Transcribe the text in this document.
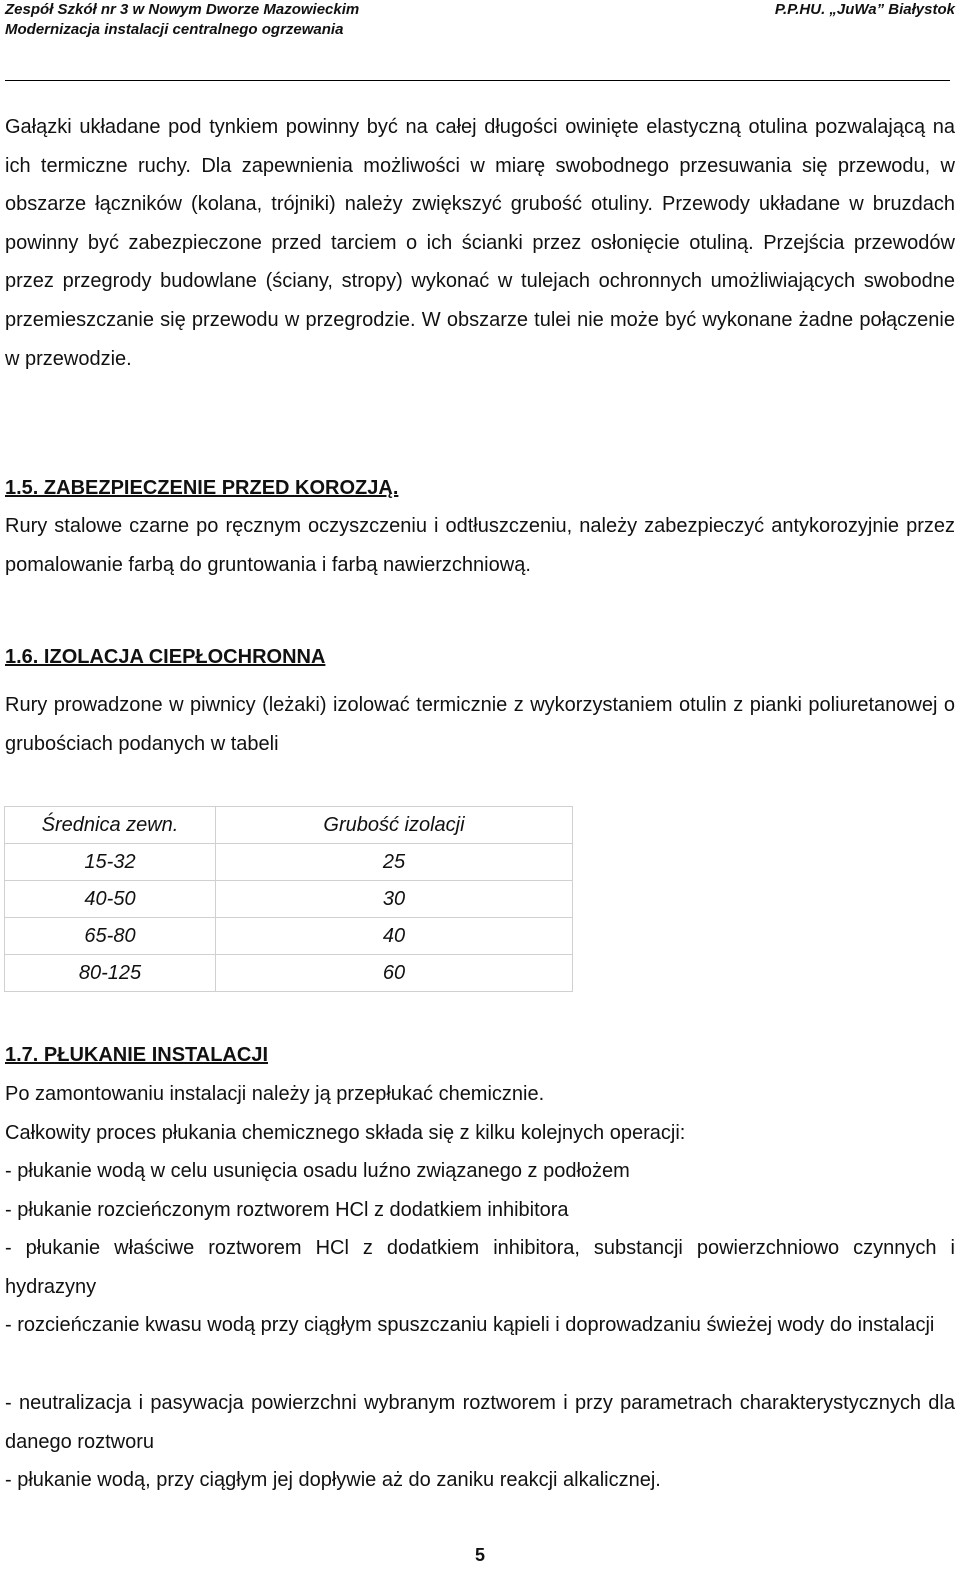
Zespół Szkół nr 3 w Nowym Dworze Mazowieckim
Modernizacja instalacji centralnego ogrzewania
P.P.HU. „JuWa” Białystok

Gałązki układane pod tynkiem powinny być na całej długości owinięte elastyczną otulina pozwalającą na ich termiczne ruchy. Dla zapewnienia możliwości w miarę swobodnego przesuwania się przewodu, w obszarze łączników (kolana, trójniki) należy zwiększyć grubość otuliny. Przewody układane w bruzdach powinny być zabezpieczone przed tarciem o ich ścianki przez osłonięcie otuliną. Przejścia przewodów przez przegrody budowlane (ściany, stropy) wykonać w tulejach ochronnych umożliwiających swobodne przemieszczanie się przewodu w przegrodzie. W obszarze tulei nie może być wykonane żadne połączenie w przewodzie.

1.5. ZABEZPIECZENIE PRZED KOROZJĄ.

Rury stalowe czarne po ręcznym oczyszczeniu i odtłuszczeniu, należy zabezpieczyć antykorozyjnie przez pomalowanie farbą do gruntowania i farbą nawierzchniową.

1.6. IZOLACJA CIEPŁOCHRONNA

Rury prowadzone w piwnicy (leżaki) izolować termicznie z wykorzystaniem otulin z pianki poliuretanowej o grubościach podanych w tabeli

Średnica zewn.	Grubość izolacji
15-32	25
40-50	30
65-80	40
80-125	60
1.7. PŁUKANIE INSTALACJI
Po zamontowaniu instalacji należy ją przepłukać chemicznie.
Całkowity proces płukania chemicznego składa się z kilku kolejnych operacji:
- płukanie wodą w celu usunięcia osadu luźno związanego z podłożem
- płukanie rozcieńczonym roztworem HCl z dodatkiem inhibitora

- płukanie właściwe roztworem HCl z dodatkiem inhibitora, substancji powierzchniowo czynnych i hydrazyny

- rozcieńczanie kwasu wodą przy ciągłym spuszczaniu kąpieli i doprowadzaniu świeżej wody do instalacji

- neutralizacja i pasywacja powierzchni wybranym roztworem i przy parametrach charakterystycznych dla danego roztworu

- płukanie wodą, przy ciągłym jej dopływie aż do zaniku reakcji alkalicznej.
5
